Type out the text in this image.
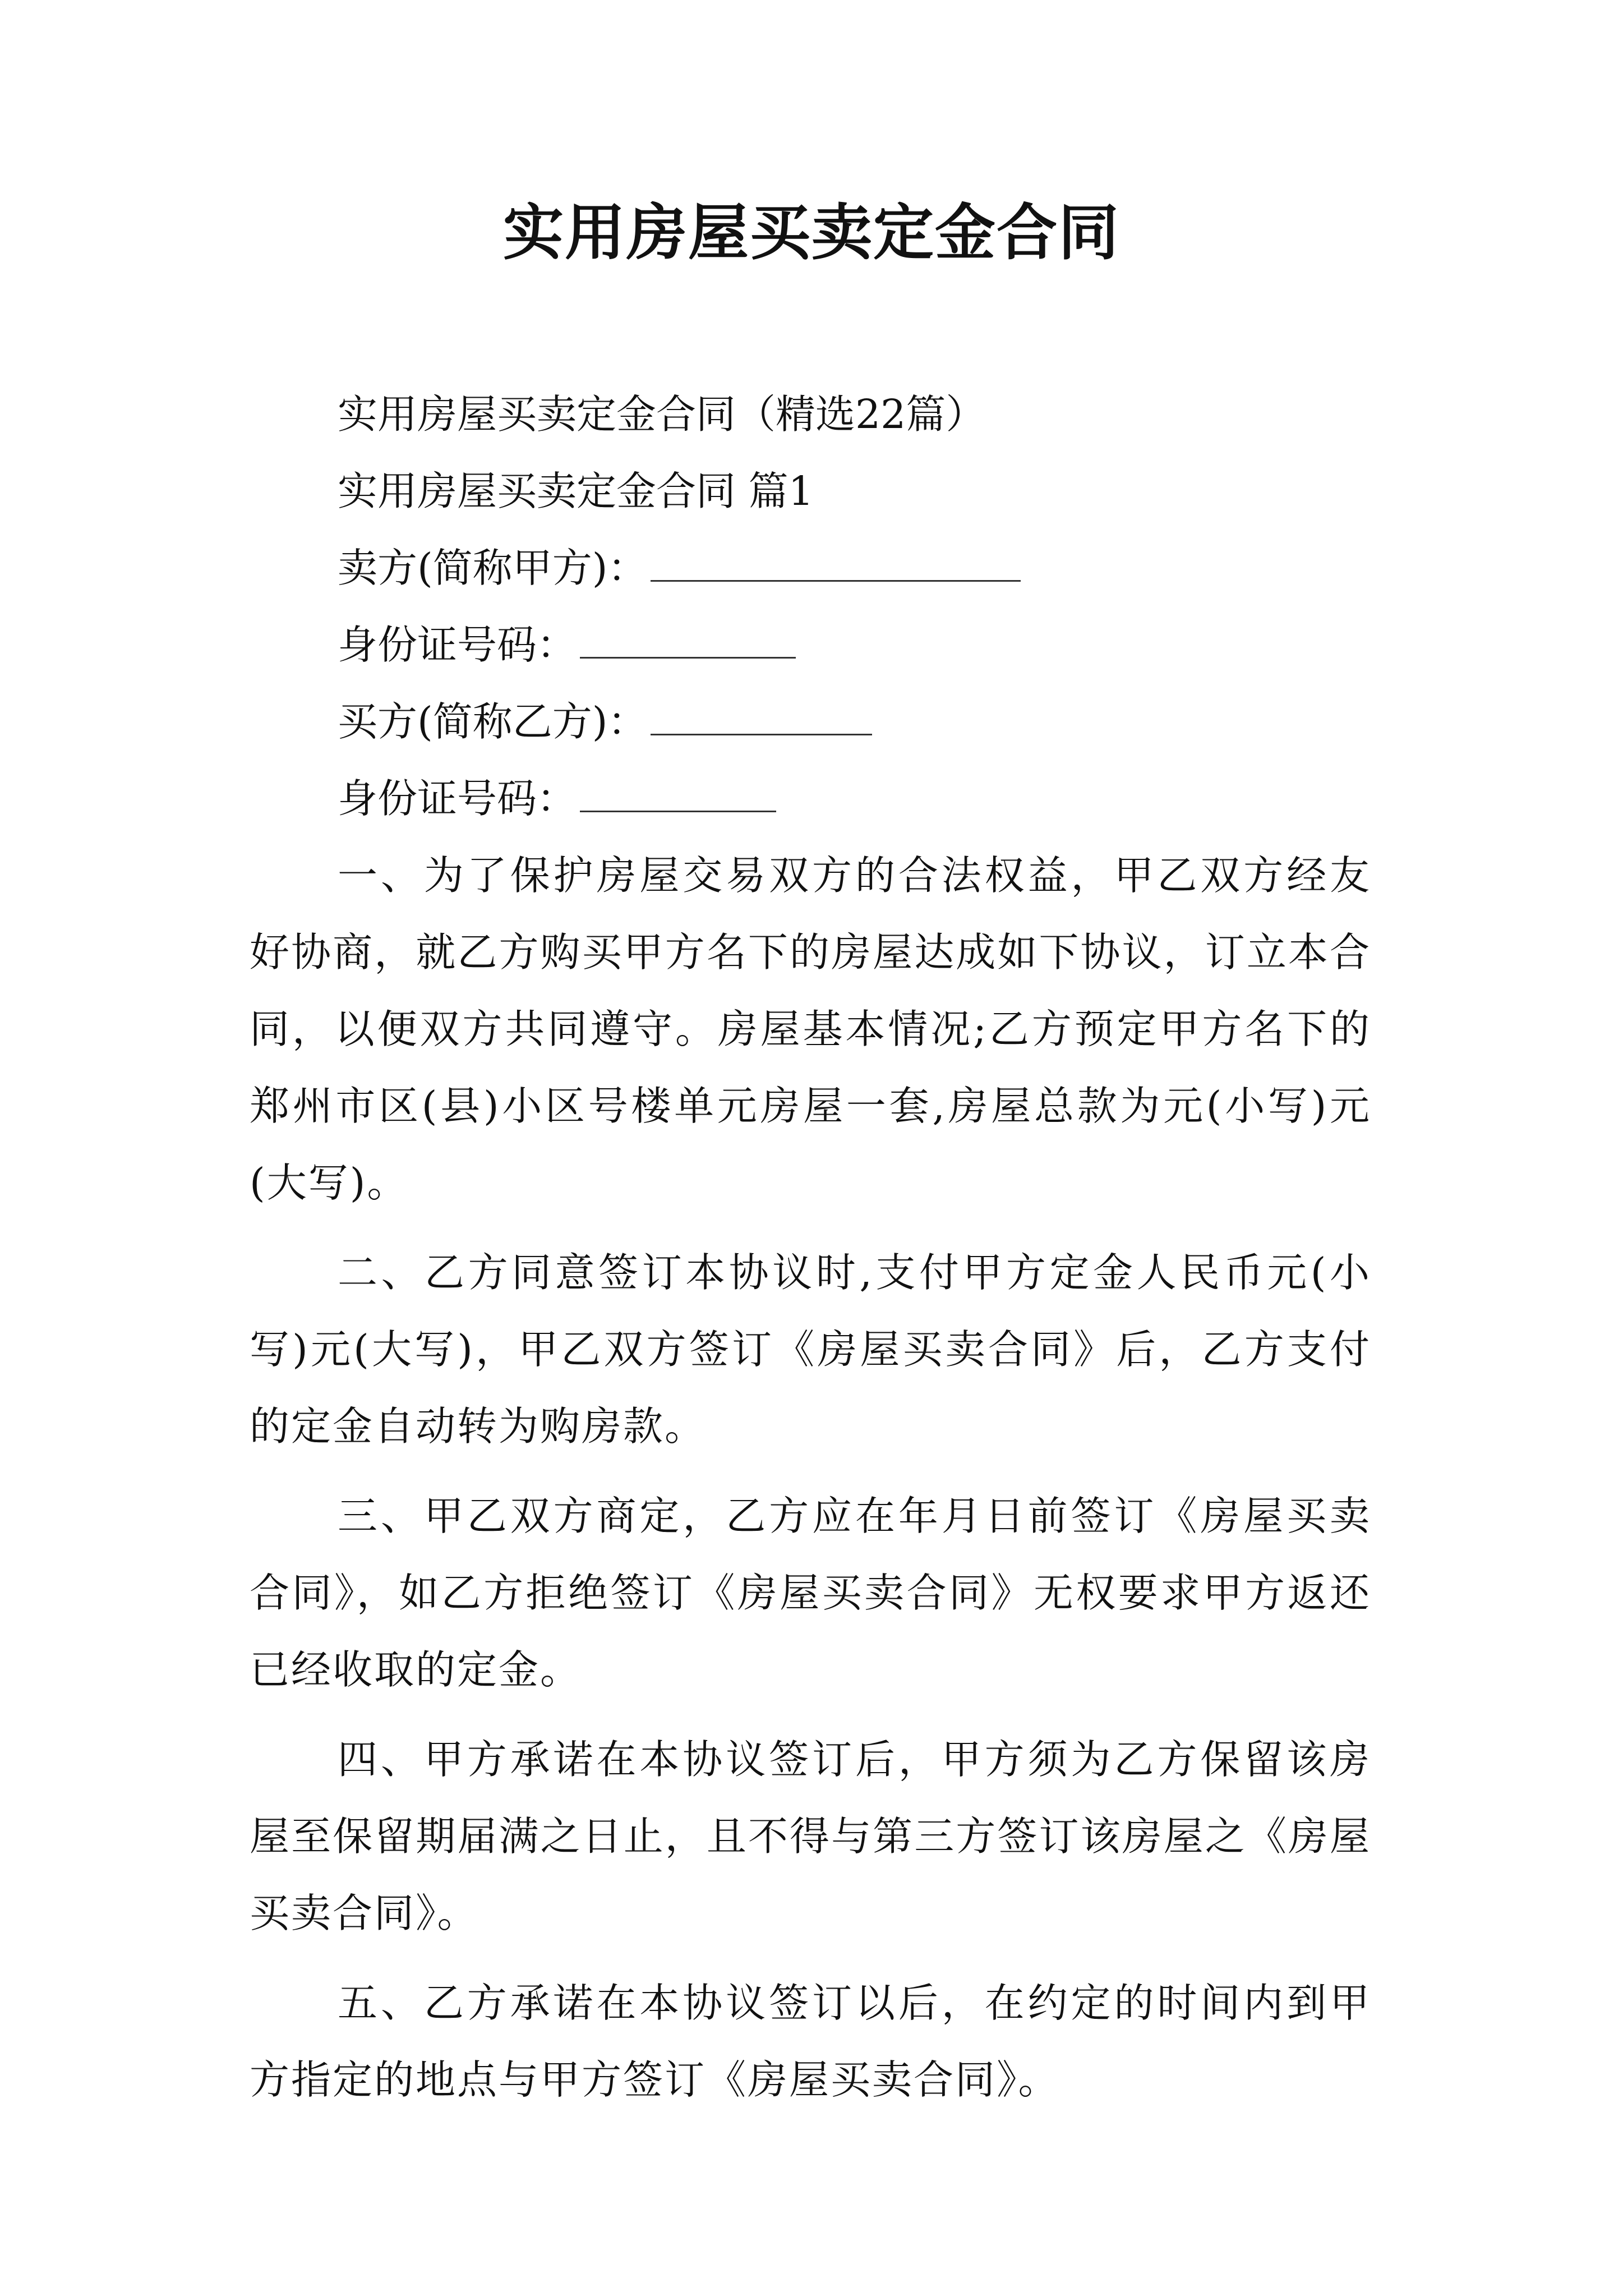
实用房屋买卖定金合同

实用房屋买卖定金合同（精选22篇）

实用房屋买卖定金合同 篇1

卖方(简称甲方)：

身份证号码：

买方(简称乙方)：

身份证号码：

一、为了保护房屋交易双方的合法权益，甲乙双方经友好协商，就乙方购买甲方名下的房屋达成如下协议，订立本合同，以便双方共同遵守。房屋基本情况;乙方预定甲方名下的郑州市区(县)小区号楼单元房屋一套,房屋总款为元(小写)元(大写)。

二、乙方同意签订本协议时,支付甲方定金人民币元(小写)元(大写)，甲乙双方签订《房屋买卖合同》后，乙方支付的定金自动转为购房款。

三、甲乙双方商定，乙方应在年月日前签订《房屋买卖合同》，如乙方拒绝签订《房屋买卖合同》无权要求甲方返还已经收取的定金。

四、甲方承诺在本协议签订后，甲方须为乙方保留该房屋至保留期届满之日止，且不得与第三方签订该房屋之《房屋买卖合同》。

五、乙方承诺在本协议签订以后，在约定的时间内到甲方指定的地点与甲方签订《房屋买卖合同》。
